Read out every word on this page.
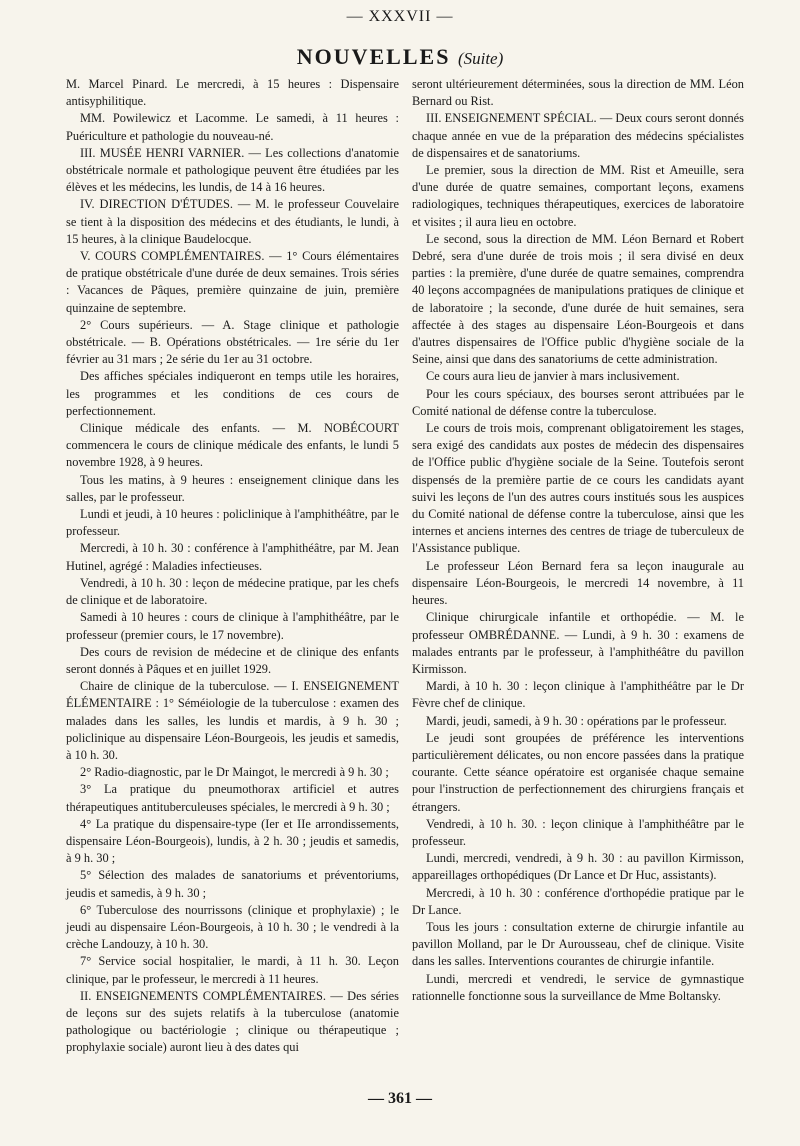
— XXXVII —
NOUVELLES (Suite)

M. Marcel Pinard. Le mercredi, à 15 heures : Dispensaire antisyphilitique.

MM. Powilewicz et Lacomme. Le samedi, à 11 heures : Puériculture et pathologie du nouveau-né.

III. MUSÉE HENRI VARNIER. — Les collections d'anatomie obstétricale normale et pathologique peuvent être étudiées par les élèves et les médecins, les lundis, de 14 à 16 heures.

IV. DIRECTION D'ÉTUDES. — M. le professeur Couvelaire se tient à la disposition des médecins et des étudiants, le lundi, à 15 heures, à la clinique Baudelocque.

V. COURS COMPLÉMENTAIRES. — 1° Cours élémentaires de pratique obstétricale d'une durée de deux semaines. Trois séries : Vacances de Pâques, première quinzaine de juin, première quinzaine de septembre.

2° Cours supérieurs. — A. Stage clinique et pathologie obstétricale. — B. Opérations obstétricales. — 1re série du 1er février au 31 mars ; 2e série du 1er au 31 octobre.

Des affiches spéciales indiqueront en temps utile les horaires, les programmes et les conditions de ces cours de perfectionnement.

Clinique médicale des enfants. — M. NOBÉCOURT commencera le cours de clinique médicale des enfants, le lundi 5 novembre 1928, à 9 heures.

Tous les matins, à 9 heures : enseignement clinique dans les salles, par le professeur.

Lundi et jeudi, à 10 heures : policlinique à l'amphithéâtre, par le professeur.

Mercredi, à 10 h. 30 : conférence à l'amphithéâtre, par M. Jean Hutinel, agrégé : Maladies infectieuses.

Vendredi, à 10 h. 30 : leçon de médecine pratique, par les chefs de clinique et de laboratoire.

Samedi à 10 heures : cours de clinique à l'amphithéâtre, par le professeur (premier cours, le 17 novembre).

Des cours de revision de médecine et de clinique des enfants seront donnés à Pâques et en juillet 1929.

Chaire de clinique de la tuberculose. — I. ENSEIGNEMENT ÉLÉMENTAIRE : 1° Séméiologie de la tuberculose : examen des malades dans les salles, les lundis et mardis, à 9 h. 30 ; policlinique au dispensaire Léon-Bourgeois, les jeudis et samedis, à 10 h. 30.

2° Radio-diagnostic, par le Dr Maingot, le mercredi à 9 h. 30 ;

3° La pratique du pneumothorax artificiel et autres thérapeutiques antituberculeuses spéciales, le mercredi à 9 h. 30 ;

4° La pratique du dispensaire-type (Ier et IIe arrondissements, dispensaire Léon-Bourgeois), lundis, à 2 h. 30 ; jeudis et samedis, à 9 h. 30 ;

5° Sélection des malades de sanatoriums et préventoriums, jeudis et samedis, à 9 h. 30 ;

6° Tuberculose des nourrissons (clinique et prophylaxie) ; le jeudi au dispensaire Léon-Bourgeois, à 10 h. 30 ; le vendredi à la crèche Landouzy, à 10 h. 30.

7° Service social hospitalier, le mardi, à 11 h. 30. Leçon clinique, par le professeur, le mercredi à 11 heures.

II. ENSEIGNEMENTS COMPLÉMENTAIRES. — Des séries de leçons sur des sujets relatifs à la tuberculose (anatomie pathologique ou bactériologie ; clinique ou thérapeutique ; prophylaxie sociale) auront lieu à des dates qui

seront ultérieurement déterminées, sous la direction de MM. Léon Bernard ou Rist.

III. ENSEIGNEMENT SPÉCIAL. — Deux cours seront donnés chaque année en vue de la préparation des médecins spécialistes de dispensaires et de sanatoriums.

Le premier, sous la direction de MM. Rist et Ameuille, sera d'une durée de quatre semaines, comportant leçons, examens radiologiques, techniques thérapeutiques, exercices de laboratoire et visites ; il aura lieu en octobre.

Le second, sous la direction de MM. Léon Bernard et Robert Debré, sera d'une durée de trois mois ; il sera divisé en deux parties : la première, d'une durée de quatre semaines, comprendra 40 leçons accompagnées de manipulations pratiques de clinique et de laboratoire ; la seconde, d'une durée de huit semaines, sera affectée à des stages au dispensaire Léon-Bourgeois et dans d'autres dispensaires de l'Office public d'hygiène sociale de la Seine, ainsi que dans des sanatoriums de cette administration.

Ce cours aura lieu de janvier à mars inclusivement.

Pour les cours spéciaux, des bourses seront attribuées par le Comité national de défense contre la tuberculose.

Le cours de trois mois, comprenant obligatoirement les stages, sera exigé des candidats aux postes de médecin des dispensaires de l'Office public d'hygiène sociale de la Seine. Toutefois seront dispensés de la première partie de ce cours les candidats ayant suivi les leçons de l'un des autres cours institués sous les auspices du Comité national de défense contre la tuberculose, ainsi que les internes et anciens internes des centres de triage de tuberculeux de l'Assistance publique.

Le professeur Léon Bernard fera sa leçon inaugurale au dispensaire Léon-Bourgeois, le mercredi 14 novembre, à 11 heures.

Clinique chirurgicale infantile et orthopédie. — M. le professeur OMBRÉDANNE. — Lundi, à 9 h. 30 : examens de malades entrants par le professeur, à l'amphithéâtre du pavillon Kirmisson.

Mardi, à 10 h. 30 : leçon clinique à l'amphithéâtre par le Dr Fèvre chef de clinique.

Mardi, jeudi, samedi, à 9 h. 30 : opérations par le professeur.

Le jeudi sont groupées de préférence les interventions particulièrement délicates, ou non encore passées dans la pratique courante. Cette séance opératoire est organisée chaque semaine pour l'instruction de perfectionnement des chirurgiens français et étrangers.

Vendredi, à 10 h. 30. : leçon clinique à l'amphithéâtre par le professeur.

Lundi, mercredi, vendredi, à 9 h. 30 : au pavillon Kirmisson, appareillages orthopédiques (Dr Lance et Dr Huc, assistants).

Mercredi, à 10 h. 30 : conférence d'orthopédie pratique par le Dr Lance.

Tous les jours : consultation externe de chirurgie infantile au pavillon Molland, par le Dr Aurousseau, chef de clinique. Visite dans les salles. Interventions courantes de chirurgie infantile.

Lundi, mercredi et vendredi, le service de gymnastique rationnelle fonctionne sous la surveillance de Mme Boltansky.

— 361 —
